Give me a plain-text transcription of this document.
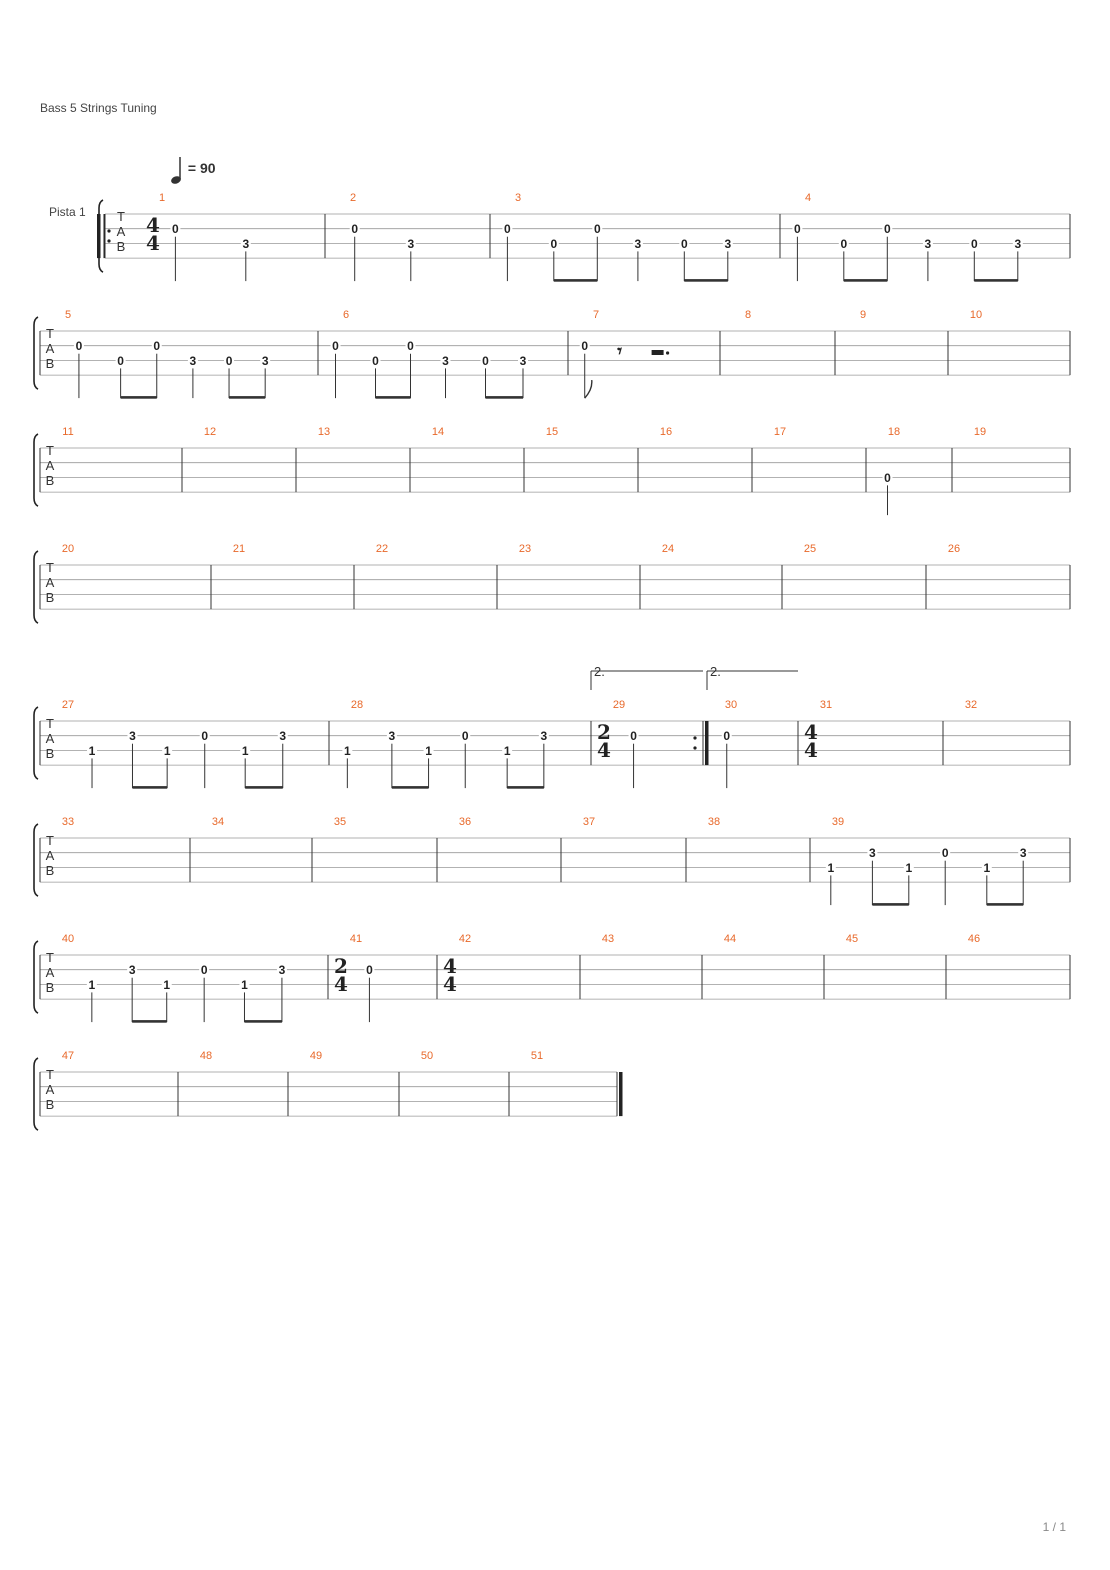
Bass 5 Strings Tuning
= 90
Pista 1 T
A
B
1
4
4
0
3
2
0
3
3
0
0
0
3	0	3
4
0
0
0
3	0	3
T
A
B
5
0
0
0
3 0 3
6
0
0
0
3	0	3
7
0 𝄾
8	9	10
T
A
B
11	12	13	14	15	16	17	18
0
19
T
A
B
20	21	22	23	24	25	26
T
A
B
27
1
3
1
0
1
3
28
1
3
1
0
1
3
29
2
4
0
30
0
31
4
4
32
T
A
B
33	34	35	36	37	38	39
1
3
1
0
1
3
T
A
B
40
1
3
1
0
1
3
41
2
4
0
42
4
4
43	44	45	46
T
A
B
47	48	49	50	51
2.	2.
1 / 1
